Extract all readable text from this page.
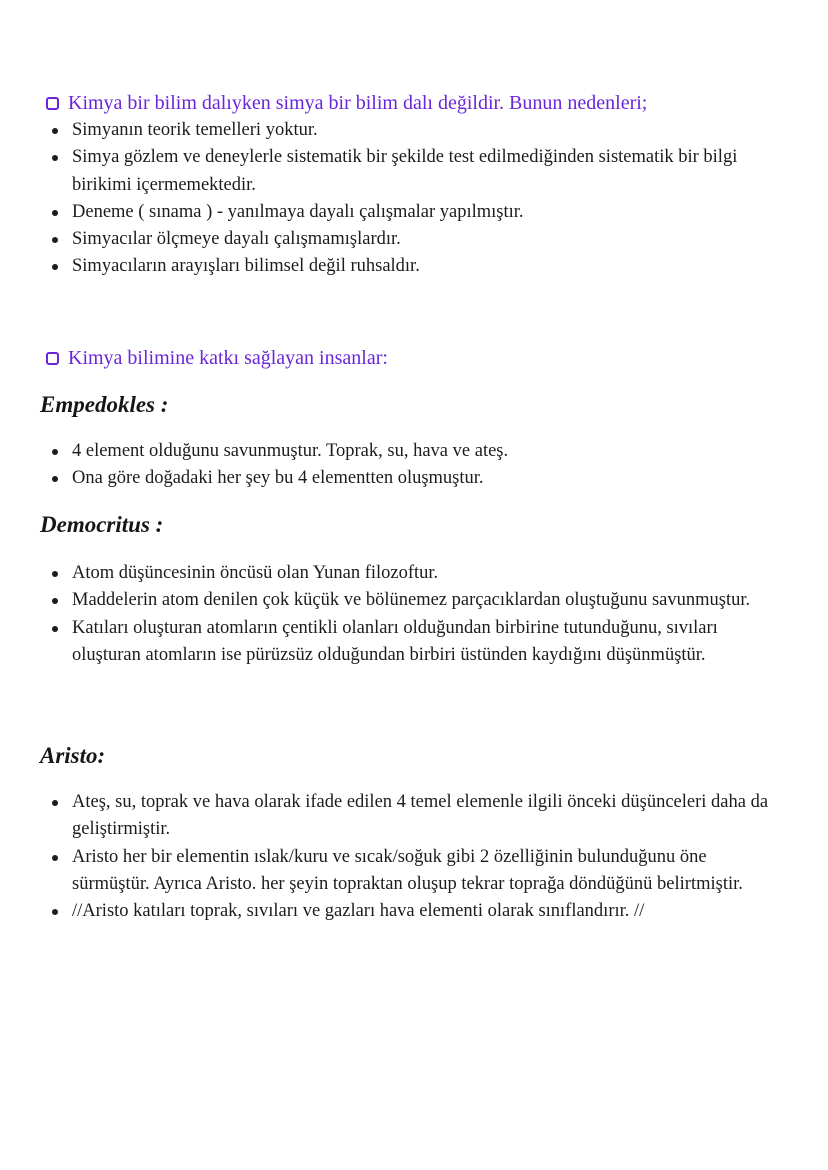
Kimya bir bilim dalıyken simya bir bilim dalı değildir. Bunun nedenleri;
Simyanın teorik temelleri yoktur.
Simya gözlem ve deneylerle sistematik bir şekilde test edilmediğinden sistematik bir bilgi birikimi içermemektedir.
Deneme ( sınama ) - yanılmaya dayalı çalışmalar yapılmıştır.
Simyacılar ölçmeye dayalı çalışmamışlardır.
Simyacıların arayışları bilimsel değil ruhsaldır.
Kimya bilimine katkı sağlayan insanlar:
Empedokles :
4 element olduğunu savunmuştur. Toprak, su, hava ve ateş.
Ona göre doğadaki her şey bu 4 elementten oluşmuştur.
Democritus :
Atom düşüncesinin öncüsü olan Yunan filozoftur.
Maddelerin atom denilen çok küçük ve bölünemez parçacıklardan oluştuğunu savunmuştur.
Katıları oluşturan atomların çentikli olanları olduğundan birbirine tutunduğunu, sıvıları oluşturan atomların ise pürüzsüz olduğundan birbiri üstünden kaydığını düşünmüştür.
Aristo:
Ateş, su, toprak ve hava olarak ifade edilen 4 temel elemenle ilgili önceki düşünceleri daha da geliştirmiştir.
Aristo her bir elementin ıslak/kuru ve sıcak/soğuk gibi 2 özelliğinin bulunduğunu öne sürmüştür. Ayrıca Aristo. her şeyin topraktan oluşup tekrar toprağa döndüğünü belirtmiştir.
//Aristo katıları toprak, sıvıları ve gazları hava elementi olarak sınıflandırır. //
